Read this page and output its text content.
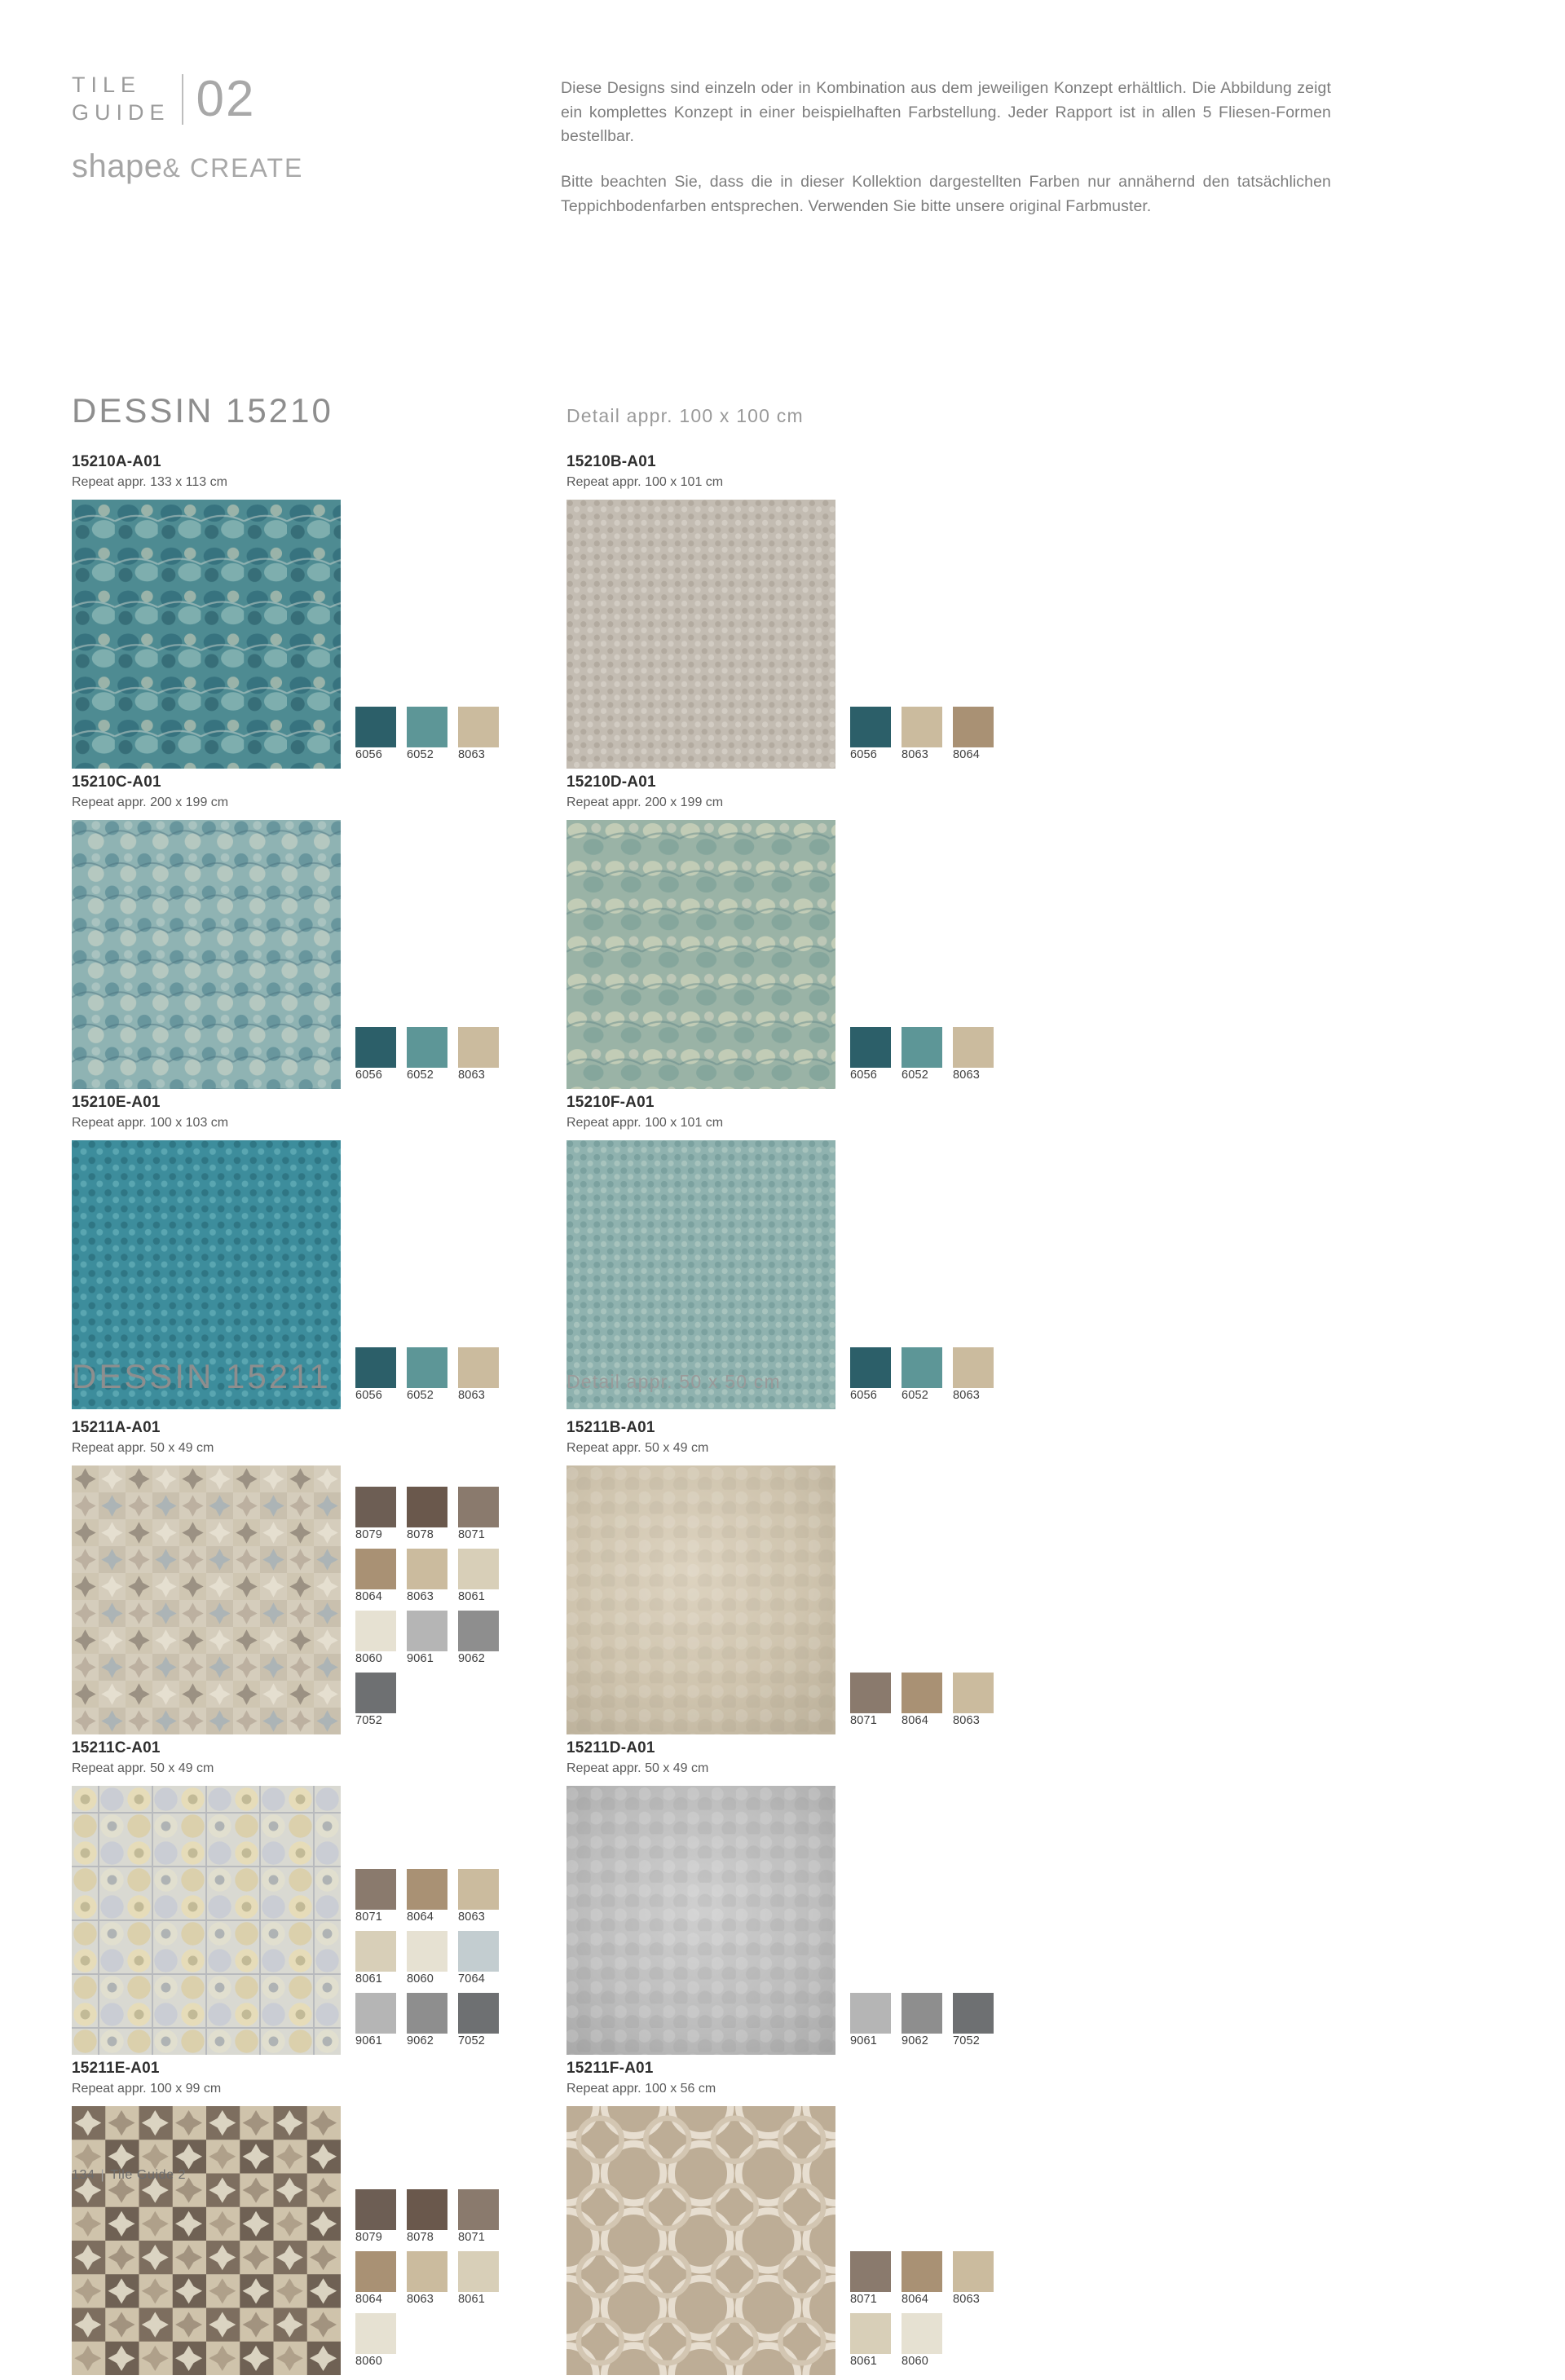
TILE
GUIDE 02
shape& CREATE

Diese Designs sind einzeln oder in Kombination aus dem jeweiligen Konzept erhältlich. Die Abbildung zeigt ein komplettes Konzept in einer beispielhaften Farbstellung. Jeder Rapport ist in allen 5 Fliesen-Formen bestellbar.

Bitte beachten Sie, dass die in dieser Kollektion dargestellten Farben nur annähernd den tatsächlichen Teppichbodenfarben entsprechen. Verwenden Sie bitte unsere original Farbmuster.

DESSIN 15210	Detail appr. 100 x 100 cm
15210A-A01
Repeat appr. 133 x 113 cm
6056	6052	8063
15210B-A01
Repeat appr. 100 x 101 cm
6056	8063	8064
15210C-A01
Repeat appr. 200 x 199 cm
6056	6052	8063
15210D-A01
Repeat appr. 200 x 199 cm
6056	6052	8063
15210E-A01
Repeat appr. 100 x 103 cm
6056	6052	8063
15210F-A01
Repeat appr. 100 x 101 cm
6056	6052	8063
DESSIN 15211	Detail appr. 50 x 50 cm
15211A-A01
Repeat appr. 50 x 49 cm
8079	8078	8071
8064	8063	8061
8060	9061	9062
7052
15211B-A01
Repeat appr. 50 x 49 cm
8071	8064	8063
15211C-A01
Repeat appr. 50 x 49 cm
8071	8064	8063
8061	8060	7064
9061	9062	7052
15211D-A01
Repeat appr. 50 x 49 cm
9061	9062	7052
15211E-A01
Repeat appr. 100 x 99 cm
8079	8078	8071
8064	8063	8061
8060
15211F-A01
Repeat appr. 100 x 56 cm
8071	8064	8063
8061	8060
134 | Tile Guide 2
